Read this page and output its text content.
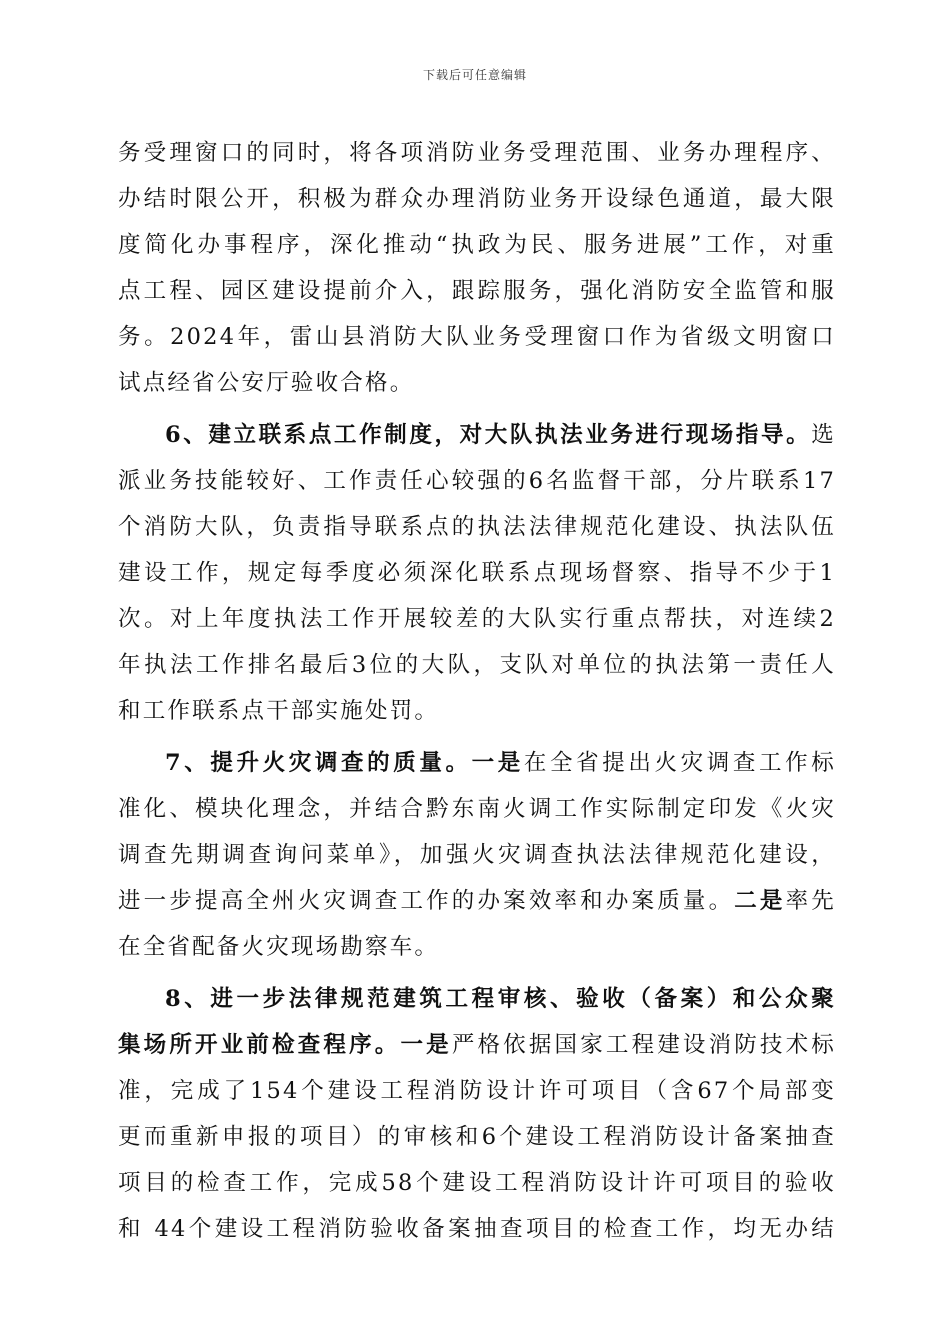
下载后可任意编辑
务受理窗口的同时，将各项消防业务受理范围、业务办理程序、
办结时限公开，积极为群众办理消防业务开设绿色通道，最大限
度简化办事程序，深化推动“执政为民、服务进展”工作，对重
点工程、园区建设提前介入，跟踪服务，强化消防安全监管和服
务。2024年，雷山县消防大队业务受理窗口作为省级文明窗口
试点经省公安厅验收合格。
6、建立联系点工作制度，对大队执法业务进行现场指导。选
派业务技能较好、工作责任心较强的6名监督干部，分片联系17
个消防大队，负责指导联系点的执法法律规范化建设、执法队伍
建设工作，规定每季度必须深化联系点现场督察、指导不少于1
次。对上年度执法工作开展较差的大队实行重点帮扶，对连续2
年执法工作排名最后3位的大队，支队对单位的执法第一责任人
和工作联系点干部实施处罚。
7、提升火灾调查的质量。一是在全省提出火灾调查工作标
准化、模块化理念，并结合黔东南火调工作实际制定印发《火灾
调查先期调查询问菜单》，加强火灾调查执法法律规范化建设，
进一步提高全州火灾调查工作的办案效率和办案质量。二是率先
在全省配备火灾现场勘察车。
8、进一步法律规范建筑工程审核、验收（备案）和公众聚
集场所开业前检查程序。一是严格依据国家工程建设消防技术标
准，完成了154个建设工程消防设计许可项目（含67个局部变
更而重新申报的项目）的审核和6个建设工程消防设计备案抽查
项目的检查工作，完成58个建设工程消防设计许可项目的验收
和 44个建设工程消防验收备案抽查项目的检查工作，均无办结
